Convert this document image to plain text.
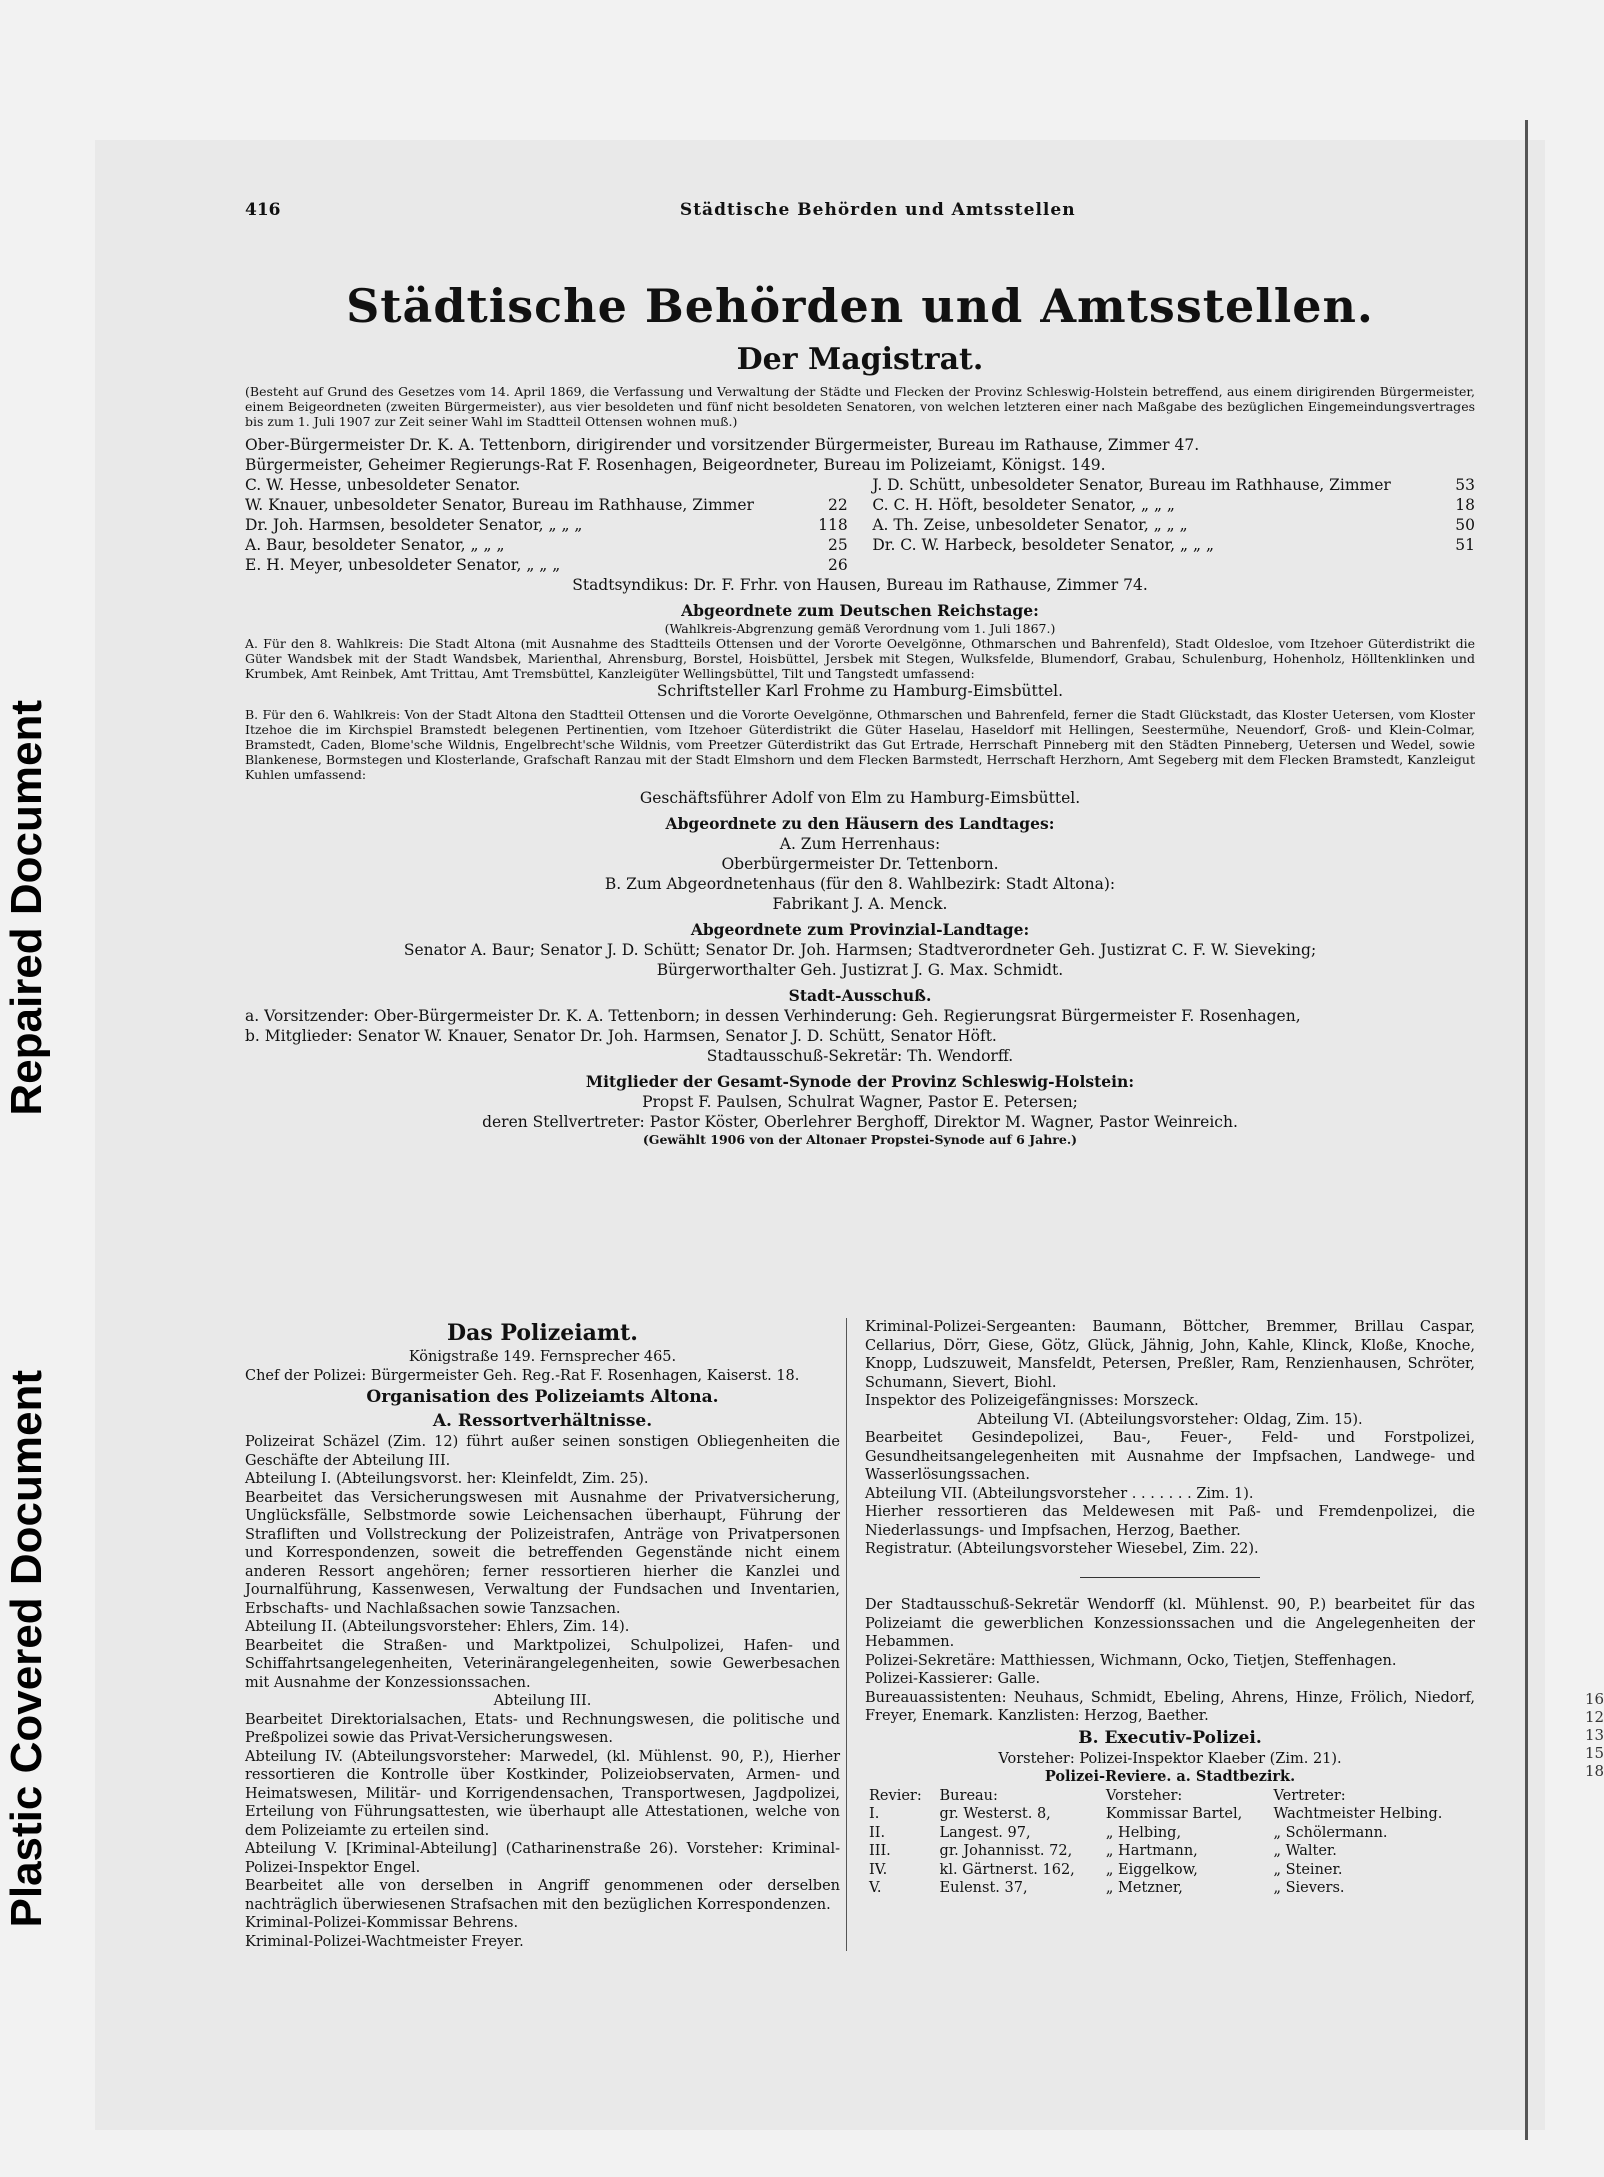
Repaired Document
Plastic Covered Document	16
12
13
15
18
416	Städtische Behörden und Amtsstellen
Städtische Behörden und Amtsstellen.
Der Magistrat.
(Besteht auf Grund des Gesetzes vom 14. April 1869, die Verfassung und Verwaltung der Städte und Flecken der Provinz Schleswig-Holstein betreffend, aus einem dirigirenden Bürgermeister, einem Beigeordneten (zweiten Bürgermeister), aus vier besoldeten und fünf nicht besoldeten Senatoren, von welchen letzteren einer nach Maßgabe des bezüglichen Eingemeindungsvertrages bis zum 1. Juli 1907 zur Zeit seiner Wahl im Stadtteil Ottensen wohnen muß.)
Ober-Bürgermeister Dr. K. A. Tettenborn, dirigirender und vorsitzender Bürgermeister, Bureau im Rathause, Zimmer 47.
Bürgermeister, Geheimer Regierungs-Rat F. Rosenhagen, Beigeordneter, Bureau im Polizeiamt, Königst. 149.
C. W. Hesse, unbesoldeter Senator.
W. Knauer, unbesoldeter Senator, Bureau im Rathhause, Zimmer	22
Dr. Joh. Harmsen, besoldeter Senator, „ „ „	118
A. Baur, besoldeter Senator, „ „ „	25
E. H. Meyer, unbesoldeter Senator, „ „ „	26
J. D. Schütt, unbesoldeter Senator, Bureau im Rathhause, Zimmer	53
C. C. H. Höft, besoldeter Senator, „ „ „	18
A. Th. Zeise, unbesoldeter Senator, „ „ „	50
Dr. C. W. Harbeck, besoldeter Senator, „ „ „	51
Stadtsyndikus: Dr. F. Frhr. von Hausen, Bureau im Rathause, Zimmer 74.
Abgeordnete zum Deutschen Reichstage:
(Wahlkreis-Abgrenzung gemäß Verordnung vom 1. Juli 1867.)
A. Für den 8. Wahlkreis: Die Stadt Altona (mit Ausnahme des Stadtteils Ottensen und der Vororte Oevelgönne, Othmarschen und Bahrenfeld), Stadt Oldesloe, vom Itzehoer Güterdistrikt die Güter Wandsbek mit der Stadt Wandsbek, Marienthal, Ahrensburg, Borstel, Hoisbüttel, Jersbek mit Stegen, Wulksfelde, Blumendorf, Grabau, Schulenburg, Hohenholz, Hölltenklinken und Krumbek, Amt Reinbek, Amt Trittau, Amt Tremsbüttel, Kanzleigüter Wellingsbüttel, Tilt und Tangstedt umfassend:
Schriftsteller Karl Frohme zu Hamburg-Eimsbüttel.
B. Für den 6. Wahlkreis: Von der Stadt Altona den Stadtteil Ottensen und die Vororte Oevelgönne, Othmarschen und Bahrenfeld, ferner die Stadt Glückstadt, das Kloster Uetersen, vom Kloster Itzehoe die im Kirchspiel Bramstedt belegenen Pertinentien, vom Itzehoer Güterdistrikt die Güter Haselau, Haseldorf mit Hellingen, Seestermühe, Neuendorf, Groß- und Klein-Colmar, Bramstedt, Caden, Blome'sche Wildnis, Engelbrecht'sche Wildnis, vom Preetzer Güterdistrikt das Gut Ertrade, Herrschaft Pinneberg mit den Städten Pinneberg, Uetersen und Wedel, sowie Blankenese, Bormstegen und Klosterlande, Grafschaft Ranzau mit der Stadt Elmshorn und dem Flecken Barmstedt, Herrschaft Herzhorn, Amt Segeberg mit dem Flecken Bramstedt, Kanzleigut Kuhlen umfassend:
Geschäftsführer Adolf von Elm zu Hamburg-Eimsbüttel.
Abgeordnete zu den Häusern des Landtages:
A. Zum Herrenhaus:
Oberbürgermeister Dr. Tettenborn.
B. Zum Abgeordnetenhaus (für den 8. Wahlbezirk: Stadt Altona):
Fabrikant J. A. Menck.
Abgeordnete zum Provinzial-Landtage:
Senator A. Baur; Senator J. D. Schütt; Senator Dr. Joh. Harmsen; Stadtverordneter Geh. Justizrat C. F. W. Sieveking;
Bürgerworthalter Geh. Justizrat J. G. Max. Schmidt.
Stadt-Ausschuß.
a. Vorsitzender: Ober-Bürgermeister Dr. K. A. Tettenborn; in dessen Verhinderung: Geh. Regierungsrat Bürgermeister F. Rosenhagen,
b. Mitglieder: Senator W. Knauer, Senator Dr. Joh. Harmsen, Senator J. D. Schütt, Senator Höft.
Stadtausschuß-Sekretär: Th. Wendorff.
Mitglieder der Gesamt-Synode der Provinz Schleswig-Holstein:
Propst F. Paulsen, Schulrat Wagner, Pastor E. Petersen;
deren Stellvertreter: Pastor Köster, Oberlehrer Berghoff, Direktor M. Wagner, Pastor Weinreich.
(Gewählt 1906 von der Altonaer Propstei-Synode auf 6 Jahre.)
Das Polizeiamt.
Königstraße 149. Fernsprecher 465.
Chef der Polizei: Bürgermeister Geh. Reg.-Rat F. Rosenhagen, Kaiserst. 18.
Organisation des Polizeiamts Altona.
A. Ressortverhältnisse.

Polizeirat Schäzel (Zim. 12) führt außer seinen sonstigen Obliegenheiten die Geschäfte der Abteilung III.

Abteilung I. (Abteilungsvorst. her: Kleinfeldt, Zim. 25).

Bearbeitet das Versicherungswesen mit Ausnahme der Privatversicherung, Unglücksfälle, Selbstmorde sowie Leichensachen überhaupt, Führung der Strafliften und Vollstreckung der Polizeistrafen, Anträge von Privatpersonen und Korrespondenzen, soweit die betreffenden Gegenstände nicht einem anderen Ressort angehören; ferner ressortieren hierher die Kanzlei und Journalführung, Kassenwesen, Verwaltung der Fundsachen und Inventarien, Erbschafts- und Nachlaßsachen sowie Tanzsachen.

Abteilung II. (Abteilungsvorsteher: Ehlers, Zim. 14).

Bearbeitet die Straßen- und Marktpolizei, Schulpolizei, Hafen- und Schiffahrtsangelegenheiten, Veterinärangelegenheiten, sowie Gewerbesachen mit Ausnahme der Konzessionssachen.

Abteilung III.

Bearbeitet Direktorialsachen, Etats- und Rechnungswesen, die politische und Preßpolizei sowie das Privat-Versicherungswesen.

Abteilung IV. (Abteilungsvorsteher: Marwedel, (kl. Mühlenst. 90, P.), Hierher ressortieren die Kontrolle über Kostkinder, Polizeiobservaten, Armen- und Heimatswesen, Militär- und Korrigendensachen, Transportwesen, Jagdpolizei, Erteilung von Führungsattesten, wie überhaupt alle Attestationen, welche von dem Polizeiamte zu erteilen sind.

Abteilung V. [Kriminal-Abteilung] (Catharinenstraße 26). Vorsteher: Kriminal-Polizei-Inspektor Engel.

Bearbeitet alle von derselben in Angriff genommenen oder derselben nachträglich überwiesenen Strafsachen mit den bezüglichen Korrespondenzen.

Kriminal-Polizei-Kommissar Behrens.

Kriminal-Polizei-Wachtmeister Freyer.

Kriminal-Polizei-Sergeanten: Baumann, Böttcher, Bremmer, Brillau Caspar, Cellarius, Dörr, Giese, Götz, Glück, Jähnig, John, Kahle, Klinck, Kloße, Knoche, Knopp, Ludszuweit, Mansfeldt, Petersen, Preßler, Ram, Renzienhausen, Schröter, Schumann, Sievert, Biohl.

Inspektor des Polizeigefängnisses: Morszeck.

Abteilung VI. (Abteilungsvorsteher: Oldag, Zim. 15).

Bearbeitet Gesindepolizei, Bau-, Feuer-, Feld- und Forstpolizei, Gesundheitsangelegenheiten mit Ausnahme der Impfsachen, Landwege- und Wasserlösungssachen.

Abteilung VII. (Abteilungsvorsteher . . . . . . . Zim. 1).

Hierher ressortieren das Meldewesen mit Paß- und Fremdenpolizei, die Niederlassungs- und Impfsachen, Herzog, Baether.

Registratur. (Abteilungsvorsteher Wiesebel, Zim. 22).

Der Stadtausschuß-Sekretär Wendorff (kl. Mühlenst. 90, P.) bearbeitet für das Polizeiamt die gewerblichen Konzessionssachen und die Angelegenheiten der Hebammen.

Polizei-Sekretäre: Matthiessen, Wichmann, Ocko, Tietjen, Steffenhagen.

Polizei-Kassierer: Galle.

Bureauassistenten: Neuhaus, Schmidt, Ebeling, Ahrens, Hinze, Frölich, Niedorf, Freyer, Enemark. Kanzlisten: Herzog, Baether.

B. Executiv-Polizei.
Vorsteher: Polizei-Inspektor Klaeber (Zim. 21).
Polizei-Reviere. a. Stadtbezirk.
Revier:	Bureau:	Vorsteher:	Vertreter:
I.	gr. Westerst. 8,	Kommissar Bartel,	Wachtmeister Helbing.
II.	Langest. 97,	„ Helbing,	„ Schölermann.
III.	gr. Johannisst. 72,	„ Hartmann,	„ Walter.
IV.	kl. Gärtnerst. 162,	„ Eiggelkow,	„ Steiner.
V.	Eulenst. 37,	„ Metzner,	„ Sievers.
